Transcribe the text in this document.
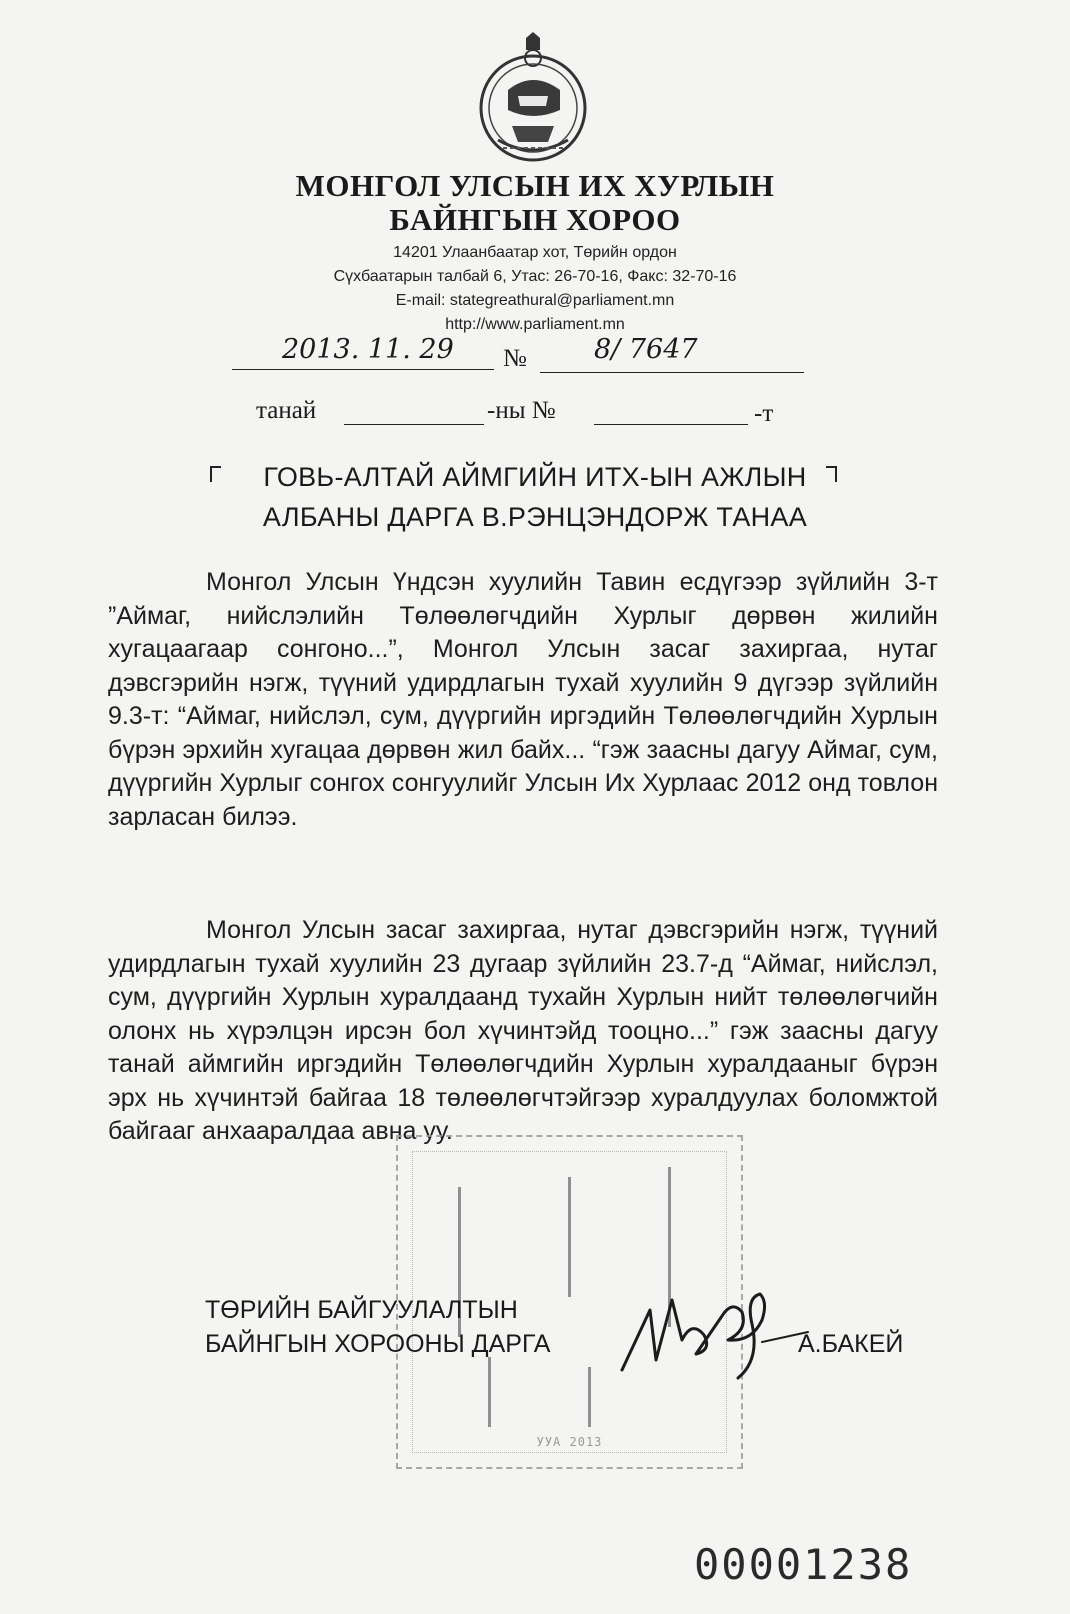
МОНГОЛ УЛСЫН ИХ ХУРЛЫН
БАЙНГЫН ХОРОО
14201 Улаанбаатар хот, Төрийн ордон
Сүхбаатарын талбай 6, Утас: 26-70-16, Факс: 32-70-16
E-mail: stategreathural@parliament.mn
http://www.parliament.mn
2013. 11. 29 № 8/ 7647
танай	-ны №	-т
ГОВЬ-АЛТАЙ АЙМГИЙН ИТХ-ЫН АЖЛЫН
АЛБАНЫ ДАРГА В.РЭНЦЭНДОРЖ ТАНАА
Монгол Улсын Үндсэн хуулийн Тавин есдүгээр зүйлийн 3-т ”Аймаг, нийслэлийн Төлөөлөгчдийн Хурлыг дөрвөн жилийн хугацаагаар сонгоно...”, Монгол Улсын засаг захиргаа, нутаг дэвсгэрийн нэгж, түүний удирдлагын тухай хуулийн 9 дүгээр зүйлийн 9.3-т: “Аймаг, нийслэл, сум, дүүргийн иргэдийн Төлөөлөгчдийн Хурлын бүрэн эрхийн хугацаа дөрвөн жил байх... “гэж заасны дагуу Аймаг, сум, дүүргийн Хурлыг сонгох сонгуулийг Улсын Их Хурлаас 2012 онд товлон зарласан билээ.
Монгол Улсын засаг захиргаа, нутаг дэвсгэрийн нэгж, түүний удирдлагын тухай хуулийн 23 дугаар зүйлийн 23.7-д “Аймаг, нийслэл, сум, дүүргийн Хурлын хуралдаанд тухайн Хурлын нийт төлөөлөгчийн олонх нь хүрэлцэн ирсэн бол хүчинтэйд тооцно...” гэж заасны дагуу танай аймгийн иргэдийн Төлөөлөгчдийн Хурлын хуралдааныг бүрэн эрх нь хүчинтэй байгаа 18 төлөөлөгчтэйгээр хуралдуулах боломжтой байгааг анхааралдаа авна уу.
УУА 2013
ТӨРИЙН БАЙГУУЛАЛТЫН
БАЙНГЫН ХОРООНЫ ДАРГА	А.БАКЕЙ
00001238
